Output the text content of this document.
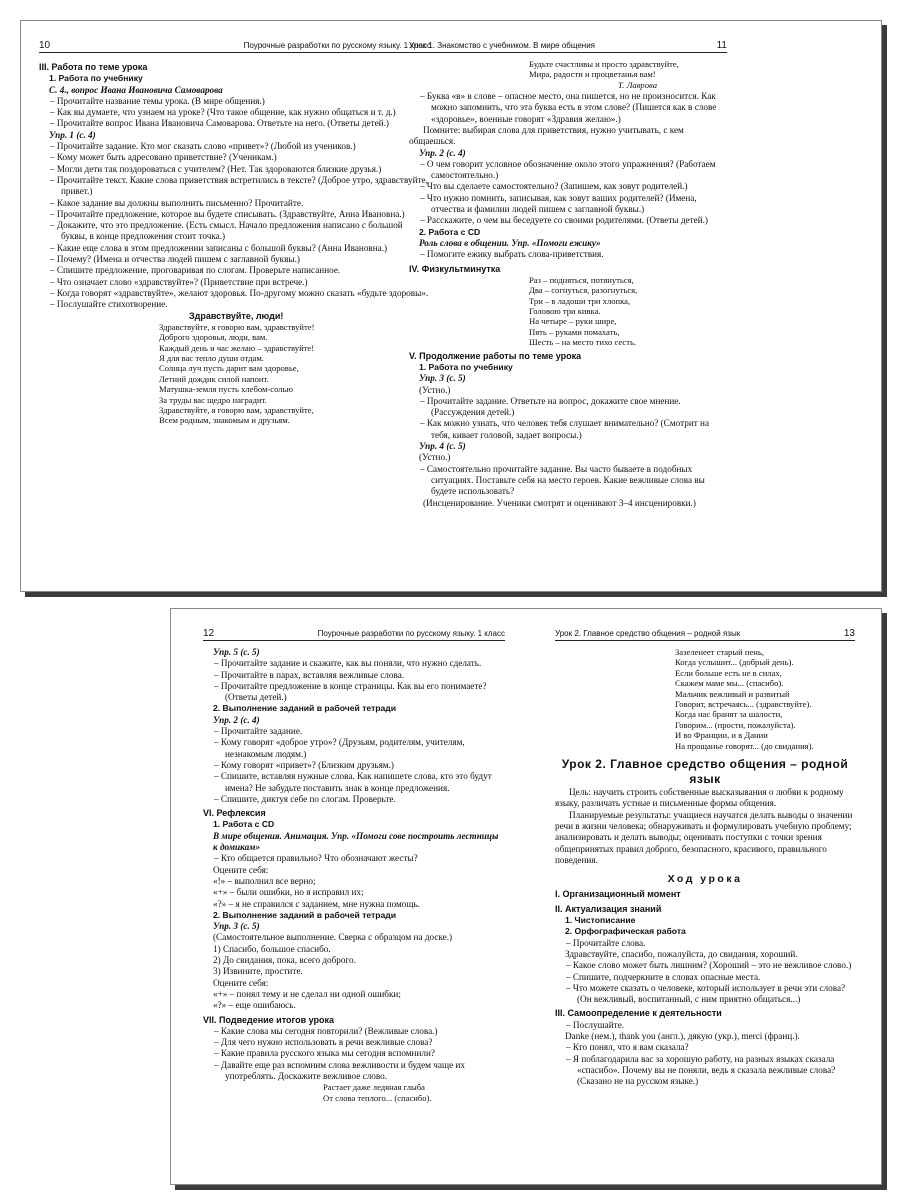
10	Поурочные разработки по русскому языку. 1 класс

III. Работа по теме урока

1. Работа по учебнику

С. 4., вопрос Ивана Ивановича Самоварова

– Прочитайте название темы урока. (В мире общения.)

– Как вы думаете, что узнаем на уроке? (Что такое общение, как нужно общаться и т. д.)

– Прочитайте вопрос Ивана Ивановича Самоварова. Ответьте на него. (Ответы детей.)

Упр. 1 (с. 4)

– Прочитайте задание. Кто мог сказать слово «привет»? (Любой из учеников.)

– Кому может быть адресовано приветствие? (Ученикам.)

– Могли дети так поздороваться с учителем? (Нет. Так здороваются близкие друзья.)

– Прочитайте текст. Какие слова приветствия встретились в тексте? (Доброе утро, здравствуйте, привет.)

– Какое задание вы должны выполнить письменно? Прочитайте.

– Прочитайте предложение, которое вы будете списывать. (Здравствуйте, Анна Ивановна.)

– Докажите, что это предложение. (Есть смысл. Начало предложения написано с большой буквы, в конце предложения стоит точка.)

– Какие еще слова в этом предложении записаны с большой буквы? (Анна Ивановна.)

– Почему? (Имена и отчества людей пишем с заглавной буквы.)

– Спишите предложение, проговаривая по слогам. Проверьте написанное.

– Что означает слово «здравствуйте»? (Приветствие при встрече.)

– Когда говорят «здравствуйте», желают здоровья. По-другому можно сказать «будьте здоровы».

– Послушайте стихотворение.

Здравствуйте, люди!

Здравствуйте, я говорю вам, здравствуйте!

Доброго здоровья, люди, вам.

Каждый день и час желаю – здравствуйте!

Я для вас тепло души отдам.

Солнца луч пусть дарит вам здоровье,

Летний дождик силой напоит.

Матушка-земля пусть хлебом-солью

За труды вас щедро наградит.

Здравствуйте, я говорю вам, здравствуйте,

Всем родным, знакомым и друзьям.

Урок 1. Знакомство с учебником. В мире общения	11

Будьте счастливы и просто здравствуйте,

Мира, радости и процветанья вам!

Т. Лаврова

– Буква «в» в слове – опасное место, она пишется, но не произносится. Как можно запомнить, что эта буква есть в этом слове? (Пишется как в слове «здоровье», военные говорят «Здравия желаю».)

Помните: выбирая слова для приветствия, нужно учитывать, с кем общаешься.

Упр. 2 (с. 4)

– О чем говорит условное обозначение около этого упражнения? (Работаем самостоятельно.)

– Что вы сделаете самостоятельно? (Запишем, как зовут родителей.)

– Что нужно помнить, записывая, как зовут ваших родителей? (Имена, отчества и фамилии людей пишем с заглавной буквы.)

– Расскажите, о чем вы беседуете со своими родителями. (Ответы детей.)

2. Работа с CD

Роль слова в общении. Упр. «Помоги ежику»

– Помогите ежику выбрать слова-приветствия.

IV. Физкультминутка

Раз – подняться, потянуться,

Два – согнуться, разогнуться,

Три – в ладоши три хлопка,

Головою три кивка.

На четыре – руки шире,

Пять – руками помахать,

Шесть – на место тихо сесть.

V. Продолжение работы по теме урока

1. Работа по учебнику

Упр. 3 (с. 5)

(Устно.)

– Прочитайте задание. Ответьте на вопрос, докажите свое мнение. (Рассуждения детей.)

– Как можно узнать, что человек тебя слушает внимательно? (Смотрит на тебя, кивает головой, задает вопросы.)

Упр. 4 (с. 5)

(Устно.)

– Самостоятельно прочитайте задание. Вы часто бываете в подобных ситуациях. Поставьте себя на место героев. Какие вежливые слова вы будете использовать?

(Инсценирование. Ученики смотрят и оценивают 3–4 инсценировки.)

12	Поурочные разработки по русскому языку. 1 класс

Упр. 5 (с. 5)

– Прочитайте задание и скажите, как вы поняли, что нужно сделать.

– Прочитайте в парах, вставляя вежливые слова.

– Прочитайте предложение в конце страницы. Как вы его понимаете? (Ответы детей.)

2. Выполнение заданий в рабочей тетради

Упр. 2 (с. 4)

– Прочитайте задание.

– Кому говорят «доброе утро»? (Друзьям, родителям, учителям, незнакомым людям.)

– Кому говорят «привет»? (Близким друзьям.)

– Спишите, вставляя нужные слова. Как напишете слова, кто это будут имена? Не забудьте поставить знак в конце предложения.

– Спишите, диктуя себе по слогам. Проверьте.

VI. Рефлексия

1. Работа с CD

В мире общения. Анимация. Упр. «Помоги сове построить лестницы к домикам»

– Кто общается правильно? Что обозначают жесты?

Оцените себя:

«!» – выполнил все верно;

«+» – были ошибки, но я исправил их;

«?» – я не справился с заданием, мне нужна помощь.

2. Выполнение заданий в рабочей тетради

Упр. 3 (с. 5)

(Самостоятельное выполнение. Сверка с образцом на доске.)

1) Спасибо, большое спасибо.

2) До свидания, пока, всего доброго.

3) Извините, простите.

Оцените себя:

«+» – понял тему и не сделал ни одной ошибки;

«?» – еще ошибаюсь.

VII. Подведение итогов урока

– Какие слова мы сегодня повторили? (Вежливые слова.)

– Для чего нужно использовать в речи вежливые слова?

– Какие правила русского языка мы сегодня вспомнили?

– Давайте еще раз вспомним слова вежливости и будем чаще их употреблять. Доскажите вежливое слово.

Растает даже ледяная глыба

От слова теплого... (спасибо).

Урок 2. Главное средство общения – родной язык	13

Зазеленеет старый пень,

Когда услышит... (добрый день).

Если больше есть не в силах,

Скажем маме мы... (спасибо).

Мальчик вежливый и развитый

Говорит, встречаясь... (здравствуйте).

Когда нас бранят за шалости,

Говорим... (прости, пожалуйста).

И во Франции, и в Дании

На прощанье говорят... (до свидания).

Урок 2. Главное средство общения – родной язык

Цель: научить строить собственные высказывания о любви к родному языку, различать устные и письменные формы общения.

Планируемые результаты: учащиеся научатся делать выводы о значении речи в жизни человека; обнаруживать и формулировать учебную проблему; анализировать и делать выводы; оценивать поступки с точки зрения общепринятых правил доброго, безопасного, красивого, правильного поведения.

Ход урока

I. Организационный момент

II. Актуализация знаний

1. Чистописание

2. Орфографическая работа

– Прочитайте слова.

Здравствуйте, спасибо, пожалуйста, до свидания, хороший.

– Какое слово может быть лишним? (Хороший – это не вежливое слово.)

– Спишите, подчеркните в словах опасные места.

– Что можете сказать о человеке, который использует в речи эти слова? (Он вежливый, воспитанный, с ним приятно общаться...)

III. Самоопределение к деятельности

– Послушайте.

Danke (нем.), thank you (англ.), дякую (укр.), merci (франц.).

– Кто понял, что я вам сказала?

– Я поблагодарила вас за хорошую работу, на разных языках сказала «спасибо». Почему вы не поняли, ведь я сказала вежливые слова? (Сказано не на русском языке.)
